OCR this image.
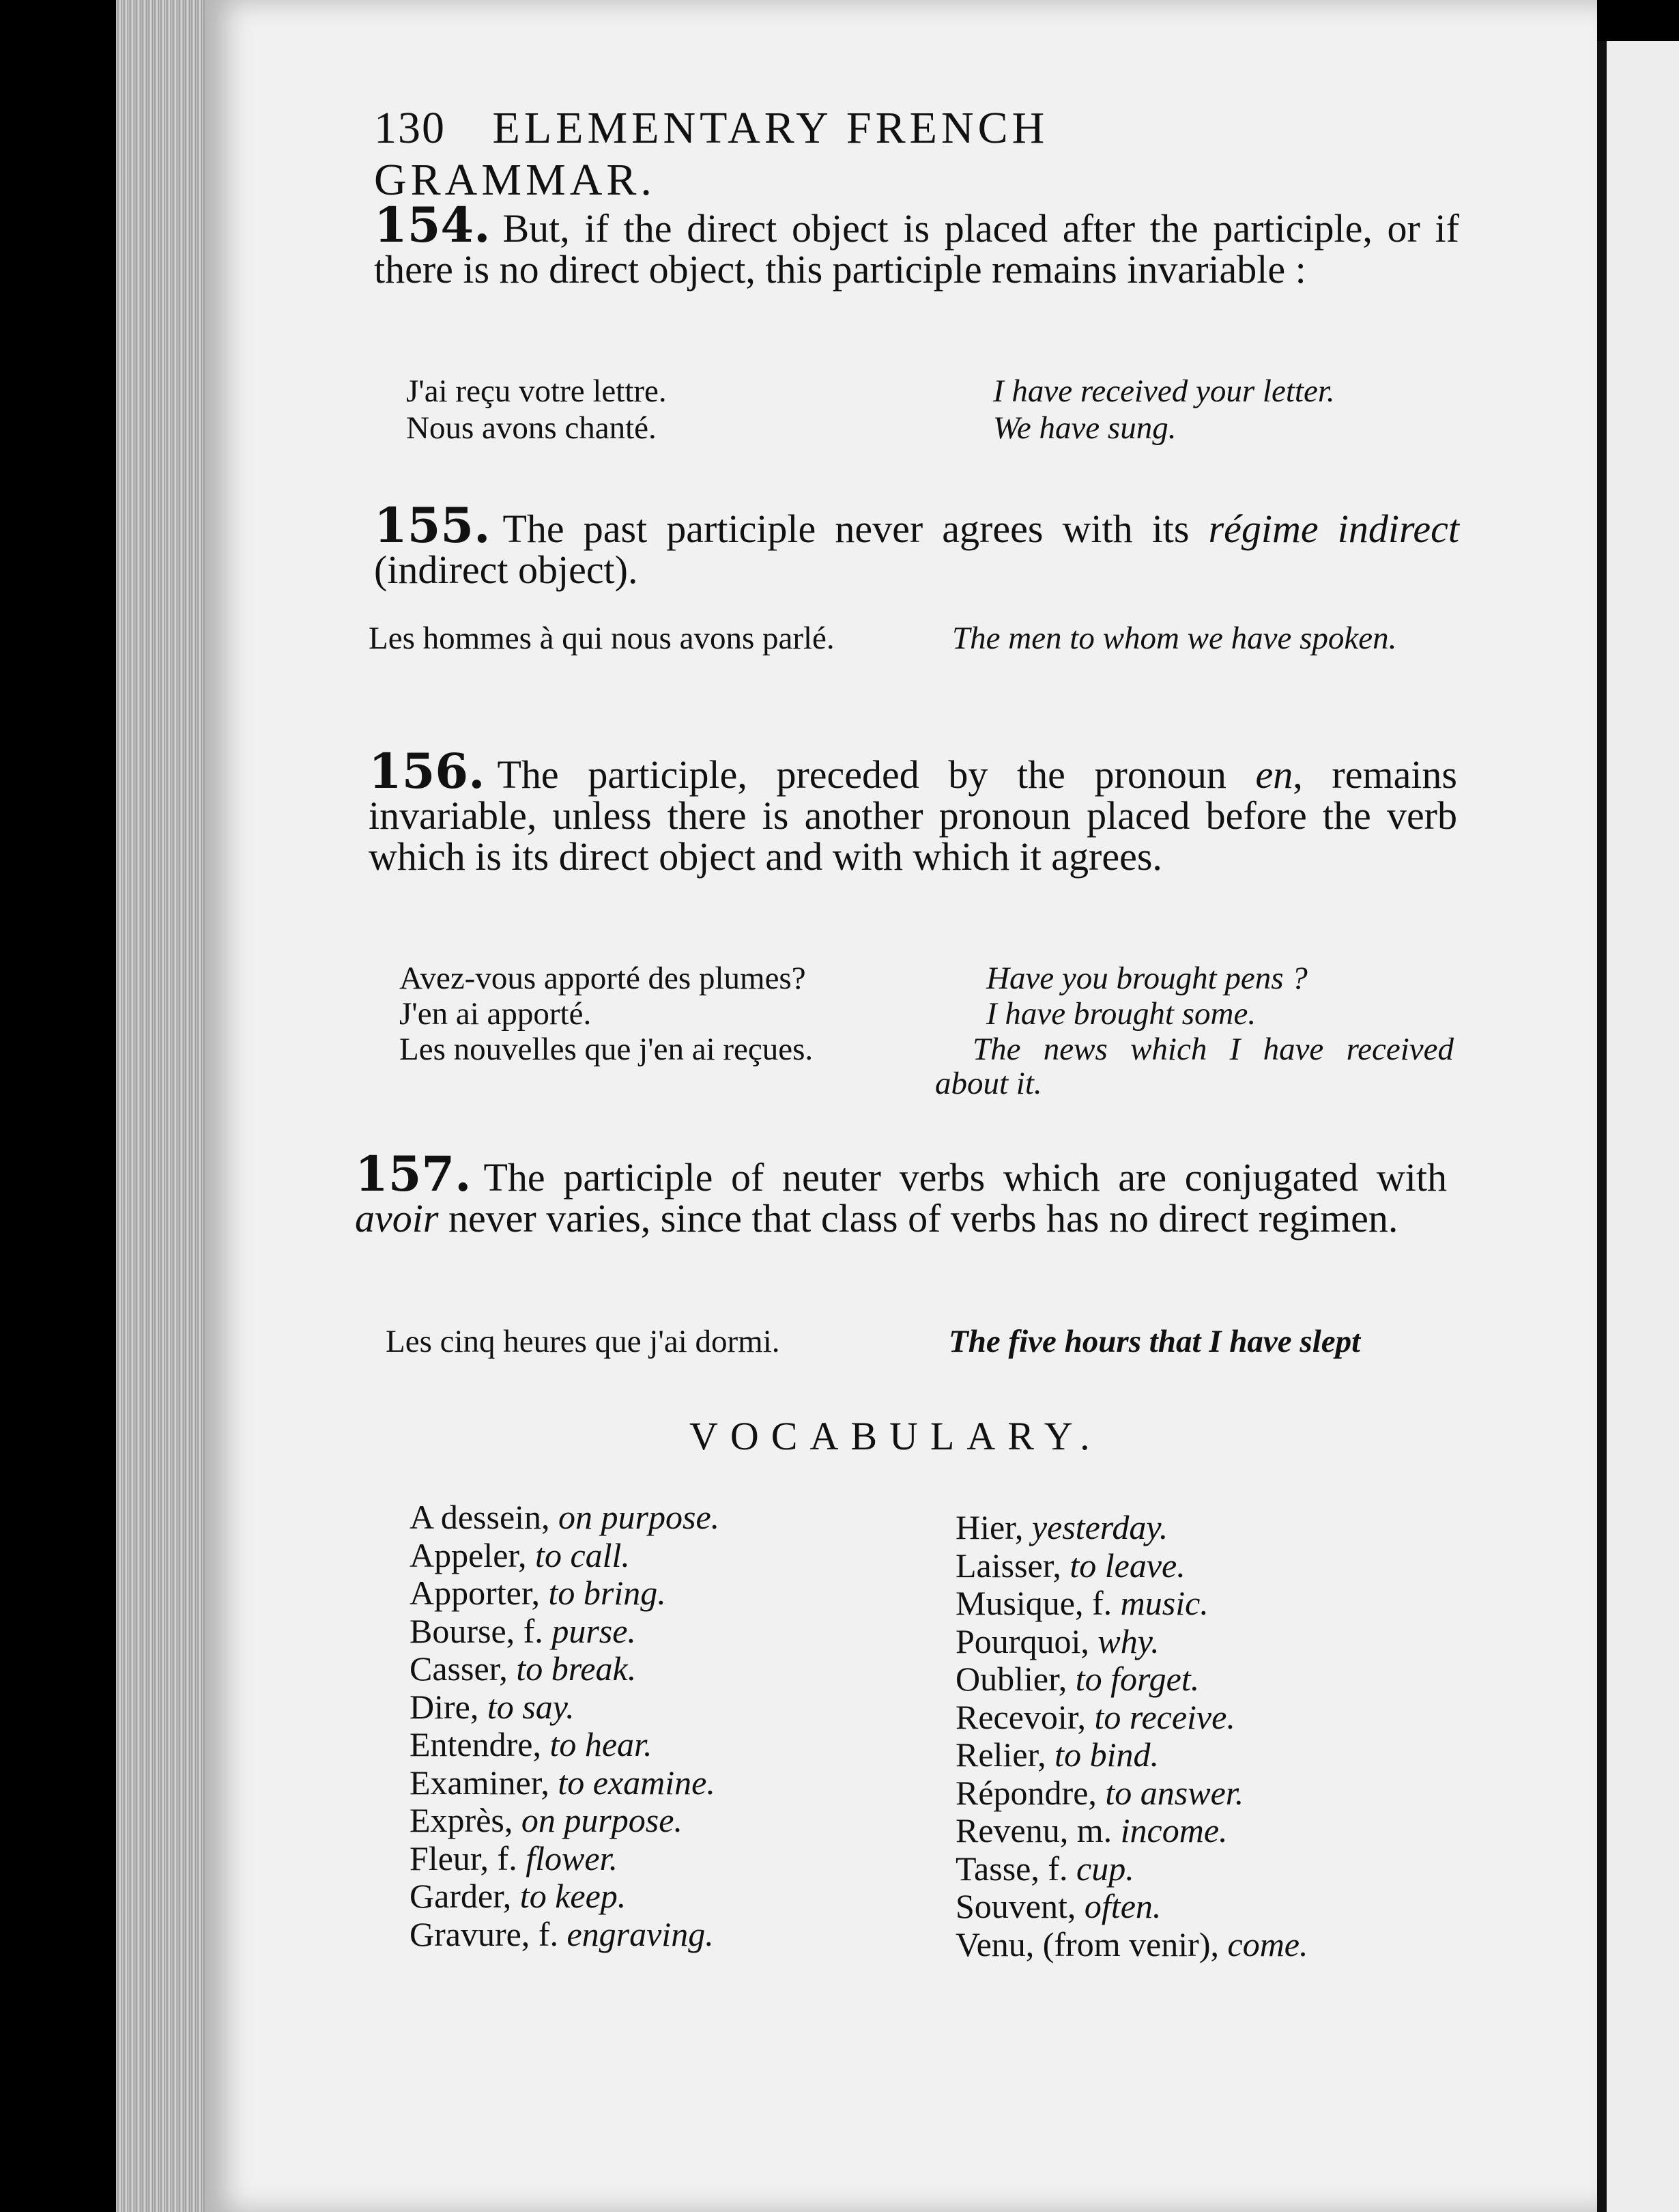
130 ELEMENTARY FRENCH GRAMMAR.
154. But, if the direct object is placed after the participle, or if there is no direct object, this participle remains invariable :
J'ai reçu votre lettre.	I have received your letter.
Nous avons chanté.	We have sung.
155. The past participle never agrees with its régime indirect (indirect object).
Les hommes à qui nous avons parlé.	The men to whom we have spoken.
156. The participle, preceded by the pronoun en, remains invariable, unless there is another pronoun placed before the verb which is its direct object and with which it agrees.
Avez-vous apporté des plumes?	Have you brought pens ?
J'en ai apporté.	I have brought some.
Les nouvelles que j'en ai reçues.	The news which I have received about it.
157. The participle of neuter verbs which are conjugated with avoir never varies, since that class of verbs has no direct regimen.
Les cinq heures que j'ai dormi.	The five hours that I have slept
VOCABULARY.
A dessein, on purpose.
Appeler, to call.
Apporter, to bring.
Bourse, f. purse.
Casser, to break.
Dire, to say.
Entendre, to hear.
Examiner, to examine.
Exprès, on purpose.
Fleur, f. flower.
Garder, to keep.
Gravure, f. engraving.
Hier, yesterday.
Laisser, to leave.
Musique, f. music.
Pourquoi, why.
Oublier, to forget.
Recevoir, to receive.
Relier, to bind.
Répondre, to answer.
Revenu, m. income.
Tasse, f. cup.
Souvent, often.
Venu, (from venir), come.
